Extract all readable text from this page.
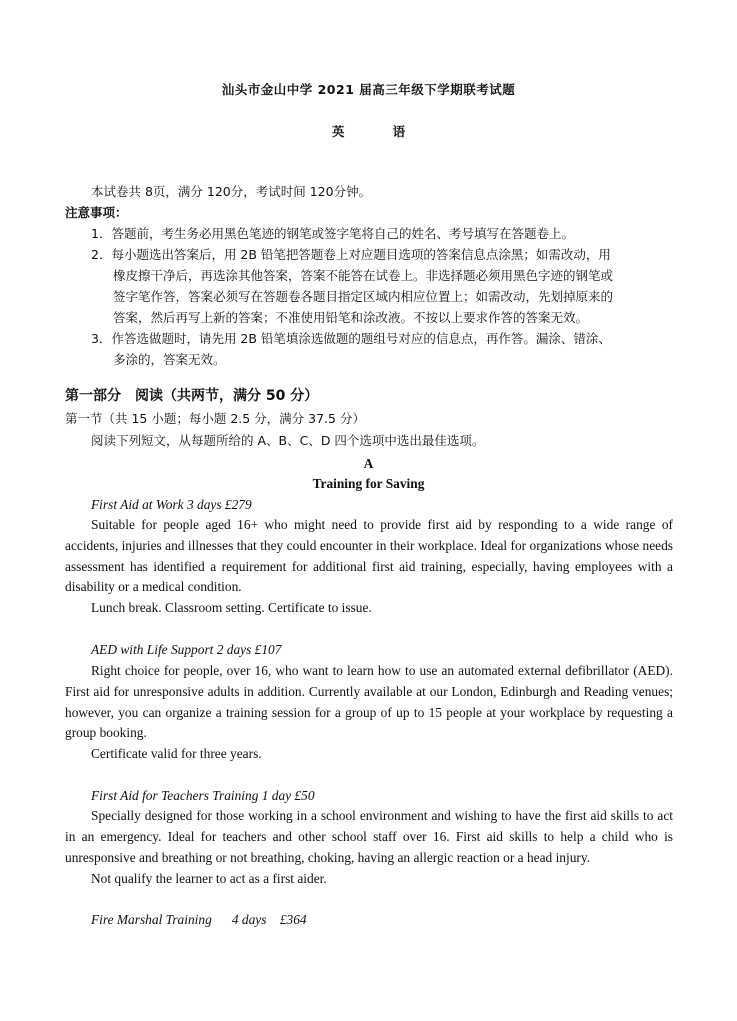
汕头市金山中学 2021 届高三年级下学期联考试题
英 语
本试卷共 8页，满分 120分，考试时间 120分钟。
注意事项：
1．答题前，考生务必用黑色笔迹的钢笔或签字笔将自己的姓名、考号填写在答题卷上。
2．每小题选出答案后，用 2B 铅笔把答题卷上对应题目选项的答案信息点涂黑；如需改动，用
橡皮擦干净后，再选涂其他答案，答案不能答在试卷上。非选择题必须用黑色字迹的钢笔或
签字笔作答，答案必须写在答题卷各题目指定区域内相应位置上；如需改动，先划掉原来的
答案，然后再写上新的答案；不准使用铅笔和涂改液。不按以上要求作答的答案无效。
3．作答选做题时，请先用 2B 铅笔填涂选做题的题组号对应的信息点，再作答。漏涂、错涂、
多涂的，答案无效。
第一部分　阅读（共两节，满分 50 分）
第一节（共 15 小题；每小题 2.5 分，满分 37.5 分）
阅读下列短文，从每题所给的 A、B、C、D 四个选项中选出最佳选项。
A
Training for Saving
First Aid at Work 3 days £279
Suitable for people aged 16+ who might need to provide first aid by responding to a wide range of accidents, injuries and illnesses that they could encounter in their workplace. Ideal for organizations whose needs assessment has identified a requirement for additional first aid training, especially, having employees with a disability or a medical condition.
Lunch break. Classroom setting. Certificate to issue.
AED with Life Support 2 days £107
Right choice for people, over 16, who want to learn how to use an automated external defibrillator (AED). First aid for unresponsive adults in addition. Currently available at our London, Edinburgh and Reading venues; however, you can organize a training session for a group of up to 15 people at your workplace by requesting a group booking.
Certificate valid for three years.
First Aid for Teachers Training 1 day £50
Specially designed for those working in a school environment and wishing to have the first aid skills to act in an emergency. Ideal for teachers and other school staff over 16. First aid skills to help a child who is unresponsive and breathing or not breathing, choking, having an allergic reaction or a head injury.
Not qualify the learner to act as a first aider.
Fire Marshal Training      4 days    £364
